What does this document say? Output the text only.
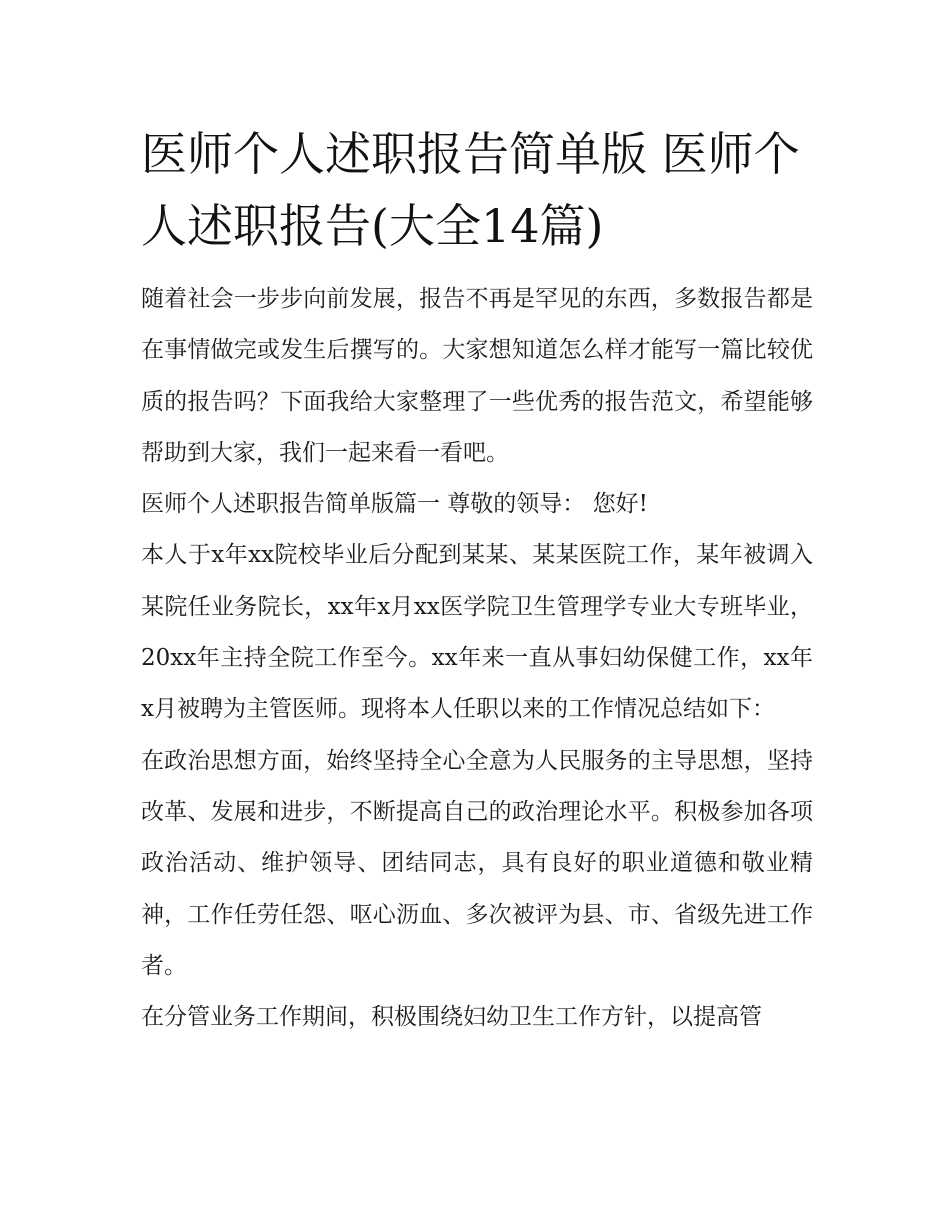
医师个人述职报告简单版 医师个人述职报告(大全14篇)

随着社会一步步向前发展，报告不再是罕见的东西，多数报告都是在事情做完或发生后撰写的。大家想知道怎么样才能写一篇比较优质的报告吗？下面我给大家整理了一些优秀的报告范文，希望能够帮助到大家，我们一起来看一看吧。

医师个人述职报告简单版篇一 尊敬的领导： 您好!

本人于x年xx院校毕业后分配到某某、某某医院工作，某年被调入某院任业务院长，xx年x月xx医学院卫生管理学专业大专班毕业，20xx年主持全院工作至今。xx年来一直从事妇幼保健工作，xx年x月被聘为主管医师。现将本人任职以来的工作情况总结如下：

在政治思想方面，始终坚持全心全意为人民服务的主导思想，坚持改革、发展和进步，不断提高自己的政治理论水平。积极参加各项政治活动、维护领导、团结同志，具有良好的职业道德和敬业精神，工作任劳任怨、呕心沥血、多次被评为县、市、省级先进工作者。

在分管业务工作期间，积极围绕妇幼卫生工作方针，以提高管
